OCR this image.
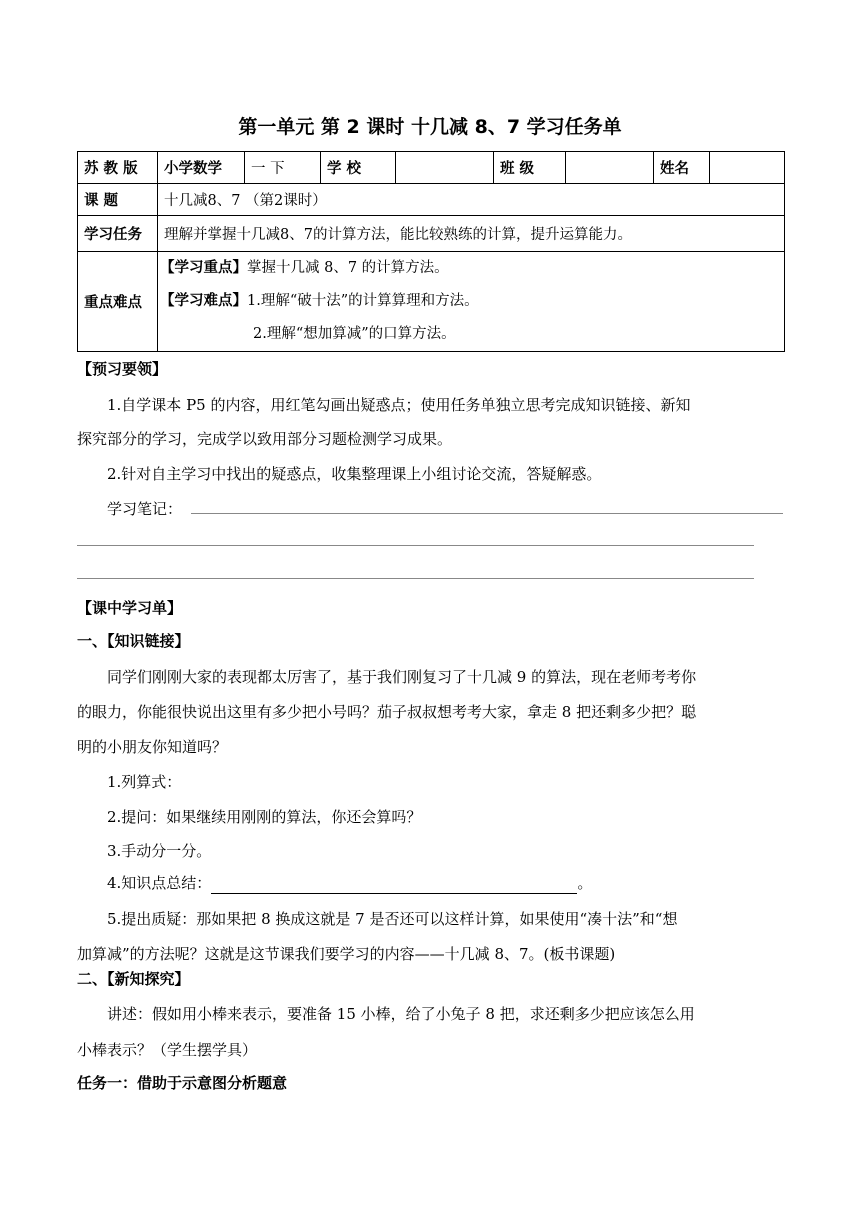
第一单元 第 2 课时 十几减 8、7 学习任务单
苏 教 版	小学数学	一 下	学 校		班 级		姓名	
课 题	十几减8、7 （第2课时）							
学习任务	理解并掌握十几减8、7的计算方法，能比较熟练的计算，提升运算能力。							
重点难点	【学习重点】掌握十几减 8、7 的计算方法。
【学习难点】1.理解“破十法”的计算算理和方法。
2.理解“想加算减”的口算方法。							
【预习要领】
1.自学课本 P5 的内容，用红笔勾画出疑惑点；使用任务单独立思考完成知识链接、新知
探究部分的学习，完成学以致用部分习题检测学习成果。
2.针对自主学习中找出的疑惑点，收集整理课上小组讨论交流，答疑解惑。
学习笔记：
【课中学习单】
一、【知识链接】
同学们刚刚大家的表现都太厉害了，基于我们刚复习了十几减 9 的算法，现在老师考考你
的眼力，你能很快说出这里有多少把小号吗？茄子叔叔想考考大家，拿走 8 把还剩多少把？聪
明的小朋友你知道吗？
1.列算式：
2.提问：如果继续用刚刚的算法，你还会算吗？
3.手动分一分。
4.知识点总结：	。
5.提出质疑：那如果把 8 换成这就是 7 是否还可以这样计算，如果使用“凑十法”和“想
加算减”的方法呢？这就是这节课我们要学习的内容——十几减 8、7。(板书课题)
二、【新知探究】
讲述：假如用小棒来表示，要准备 15 小棒，给了小兔子 8 把，求还剩多少把应该怎么用
小棒表示？（学生摆学具）
任务一：借助于示意图分析题意
